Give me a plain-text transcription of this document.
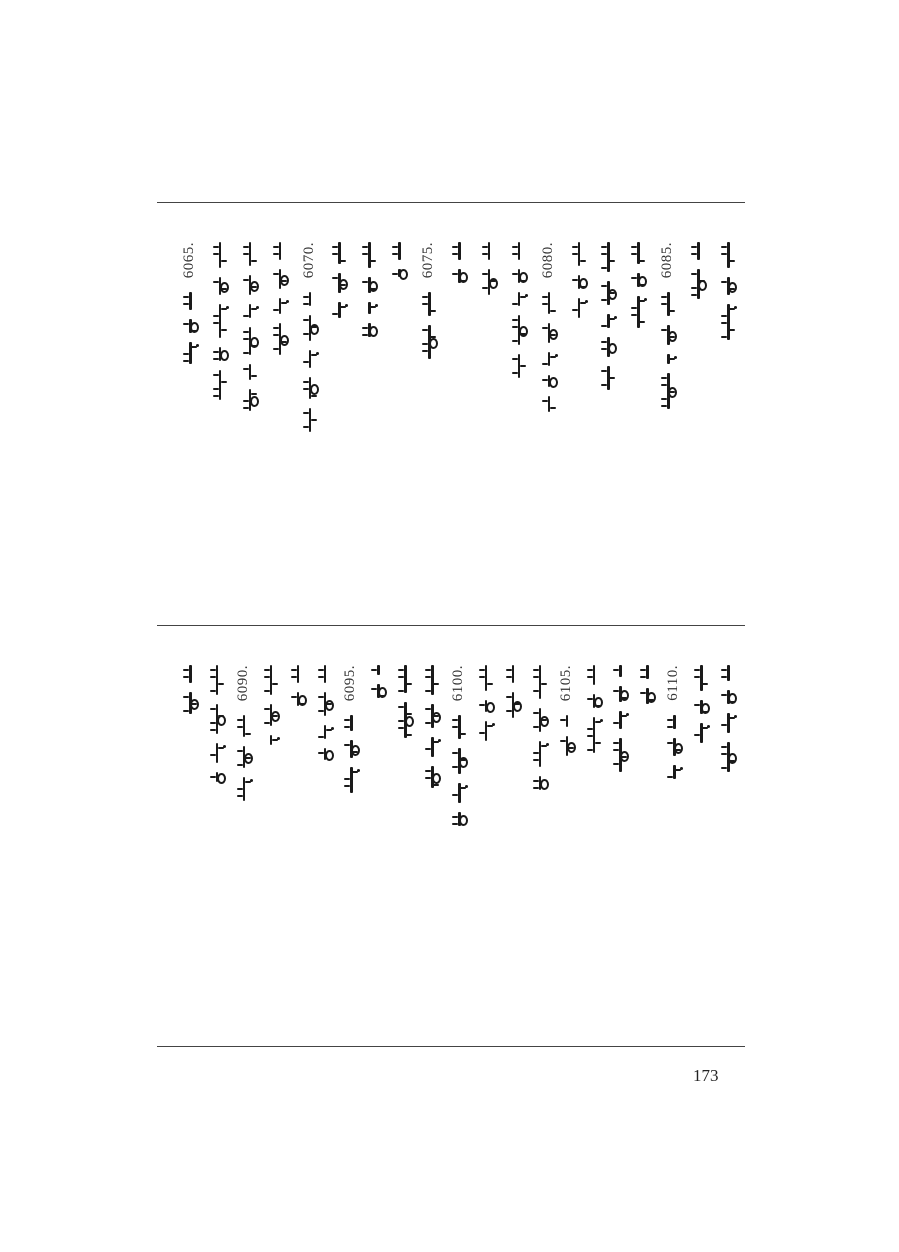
6065.	6070.	6075.	6080.	6085.
6090.	6095.	6100.	6105.	6110.
173
